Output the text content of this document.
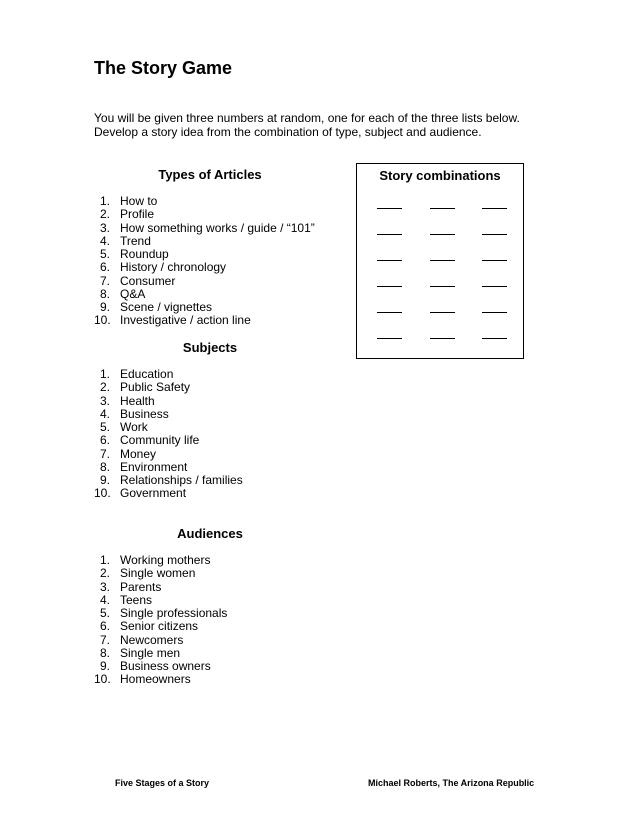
The Story Game

You will be given three numbers at random, one for each of the three lists below. Develop a story idea from the combination of type, subject and audience.

Types of Articles
1. How to
2. Profile
3. How something works / guide / “101”
4. Trend
5. Roundup
6. History / chronology
7. Consumer
8. Q&A
9. Scene / vignettes
10. Investigative / action line
Subjects
1. Education
2. Public Safety
3. Health
4. Business
5. Work
6. Community life
7. Money
8. Environment
9. Relationships / families
10. Government
Audiences
1. Working mothers
2. Single women
3. Parents
4. Teens
5. Single professionals
6. Senior citizens
7. Newcomers
8. Single men
9. Business owners
10. Homeowners
Story combinations
Five Stages of a Story	Michael Roberts, The Arizona Republic
